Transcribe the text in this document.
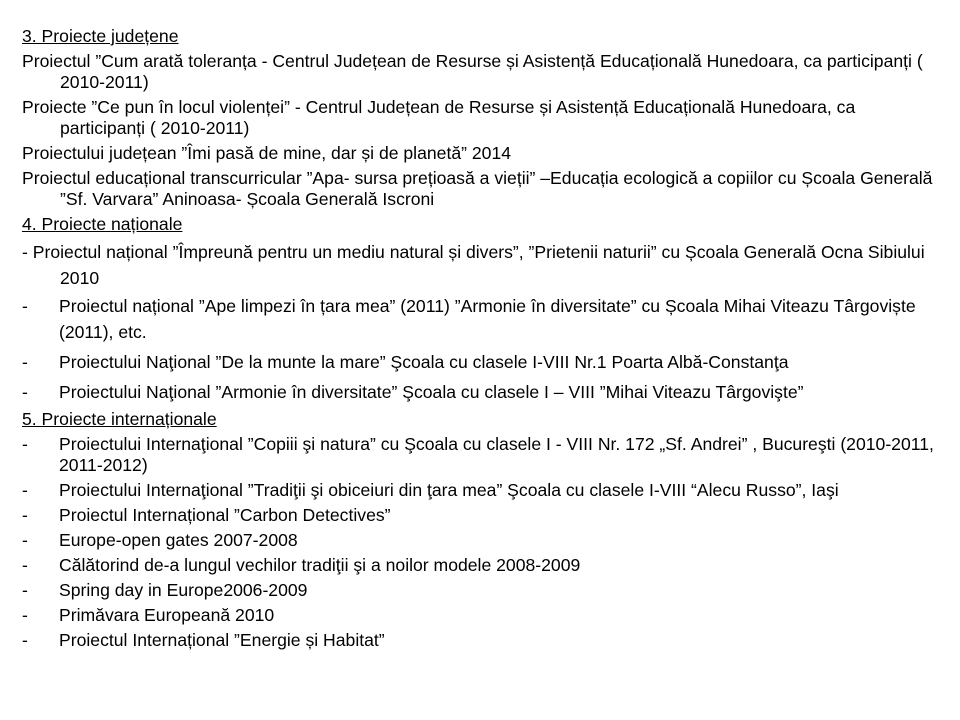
3. Proiecte județene
Proiectul ”Cum arată toleranța - Centrul Județean de Resurse și Asistență Educațională Hunedoara, ca participanți ( 2010-2011)
Proiecte ”Ce pun în locul violenței” - Centrul Județean de Resurse și Asistență Educațională Hunedoara, ca participanți ( 2010-2011)
Proiectului județean ”Îmi pasă de mine, dar și de planetă” 2014
Proiectul educațional transcurricular ”Apa- sursa prețioasă a vieții” –Educația ecologică a copiilor cu Școala Generală ”Sf. Varvara” Aninoasa- Școala Generală Iscroni
4. Proiecte naționale
- Proiectul național ”Împreună pentru un mediu natural și divers”, ”Prietenii naturii” cu Școala Generală Ocna Sibiului 2010
- Proiectul național ”Ape limpezi în țara mea” (2011) ”Armonie în diversitate” cu Școala Mihai Viteazu Târgoviște (2011), etc.
- Proiectului Naţional ”De la munte la mare” Şcoala cu clasele I-VIII Nr.1 Poarta Albă-Constanţa
- Proiectului Naţional ”Armonie în diversitate” Şcoala cu clasele I – VIII ”Mihai Viteazu Târgovişte”
5. Proiecte internaționale
- Proiectului Internaţional ”Copiii şi natura” cu Şcoala cu clasele I - VIII Nr. 172 „Sf. Andrei” , Bucureşti (2010-2011, 2011-2012)
- Proiectului Internaţional ”Tradiţii şi obiceiuri din ţara mea” Şcoala cu clasele I-VIII “Alecu Russo”, Iaşi
- Proiectul Internațional ”Carbon Detectives”
- Europe-open gates 2007-2008
- Călătorind de-a lungul vechilor tradiţii şi a noilor modele 2008-2009
- Spring day in Europe2006-2009
- Primăvara Europeană 2010
- Proiectul Internațional ”Energie și Habitat”
